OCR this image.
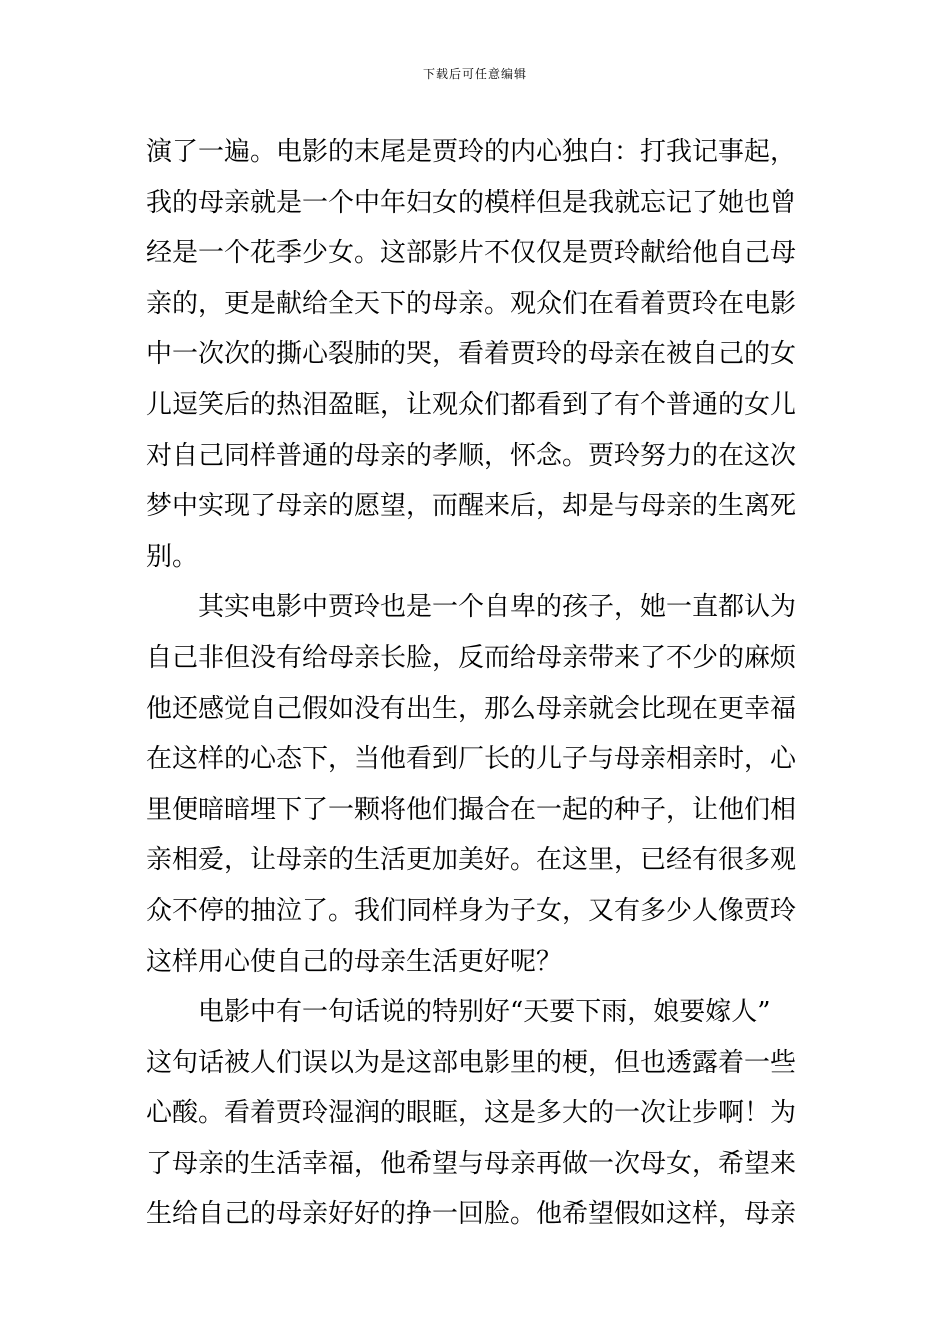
下载后可任意编辑
演了一遍。电影的末尾是贾玲的内心独白：打我记事起，
我的母亲就是一个中年妇女的模样但是我就忘记了她也曾
经是一个花季少女。这部影片不仅仅是贾玲献给他自己母
亲的，更是献给全天下的母亲。观众们在看着贾玲在电影
中一次次的撕心裂肺的哭，看着贾玲的母亲在被自己的女
儿逗笑后的热泪盈眶，让观众们都看到了有个普通的女儿
对自己同样普通的母亲的孝顺，怀念。贾玲努力的在这次
梦中实现了母亲的愿望，而醒来后，却是与母亲的生离死
别。
其实电影中贾玲也是一个自卑的孩子，她一直都认为
自己非但没有给母亲长脸，反而给母亲带来了不少的麻烦
他还感觉自己假如没有出生，那么母亲就会比现在更幸福
在这样的心态下，当他看到厂长的儿子与母亲相亲时，心
里便暗暗埋下了一颗将他们撮合在一起的种子，让他们相
亲相爱，让母亲的生活更加美好。在这里，已经有很多观
众不停的抽泣了。我们同样身为子女，又有多少人像贾玲
这样用心使自己的母亲生活更好呢？
电影中有一句话说的特别好“天要下雨，娘要嫁人”
这句话被人们误以为是这部电影里的梗，但也透露着一些
心酸。看着贾玲湿润的眼眶，这是多大的一次让步啊！为
了母亲的生活幸福，他希望与母亲再做一次母女，希望来
生给自己的母亲好好的挣一回脸。他希望假如这样，母亲
